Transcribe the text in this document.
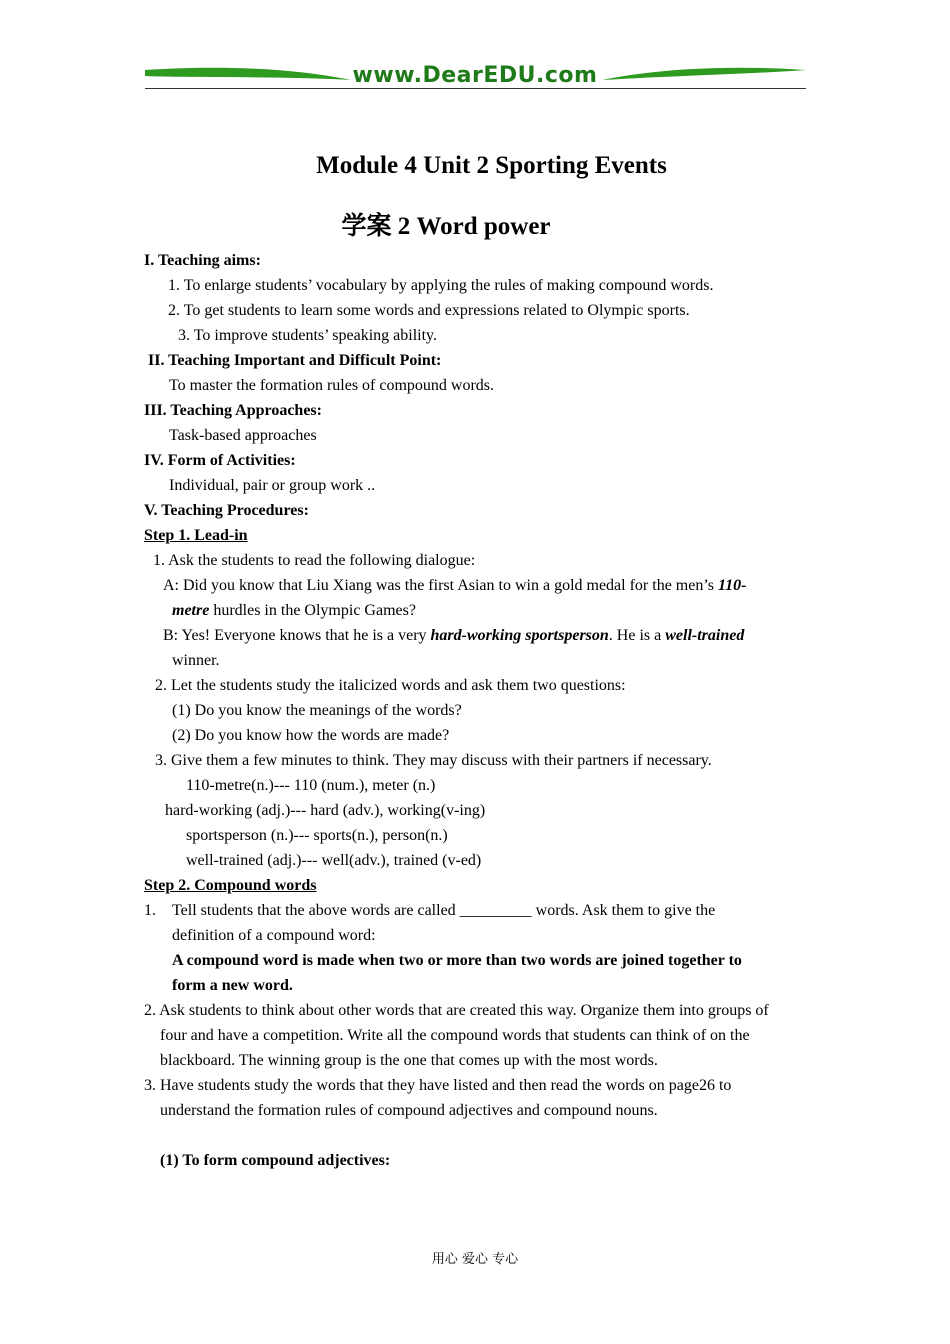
www.DearEDU.com
Module 4 Unit 2 Sporting Events
学案 2 Word power
I. Teaching aims:
1. To enlarge students’ vocabulary by applying the rules of making compound words.
2. To get students to learn some words and expressions related to Olympic sports.
3. To improve students’ speaking ability.
II. Teaching Important and Difficult Point:
To master the formation rules of compound words.
III. Teaching Approaches:
Task-based approaches
IV. Form of Activities:
Individual, pair or group work ..
V. Teaching Procedures:
Step 1. Lead-in
1. Ask the students to read the following dialogue:
A: Did you know that Liu Xiang was the first Asian to win a gold medal for the men’s 110-
metre hurdles in the Olympic Games?
B: Yes! Everyone knows that he is a very hard-working sportsperson. He is a well-trained
winner.
2. Let the students study the italicized words and ask them two questions:
(1) Do you know the meanings of the words?
(2) Do you know how the words are made?
3. Give them a few minutes to think. They may discuss with their partners if necessary.
110-metre(n.)--- 110 (num.), meter (n.)
hard-working (adj.)--- hard (adv.), working(v-ing)
sportsperson (n.)--- sports(n.), person(n.)
well-trained (adj.)--- well(adv.), trained (v-ed)
Step 2. Compound words
1. Tell students that the above words are called _________ words. Ask them to give the
definition of a compound word:
A compound word is made when two or more than two words are joined together to
form a new word.
2. Ask students to think about other words that are created this way. Organize them into groups of
four and have a competition. Write all the compound words that students can think of on the
blackboard. The winning group is the one that comes up with the most words.
3. Have students study the words that they have listed and then read the words on page26 to
understand the formation rules of compound adjectives and compound nouns.
(1) To form compound adjectives:
用心 爱心 专心
